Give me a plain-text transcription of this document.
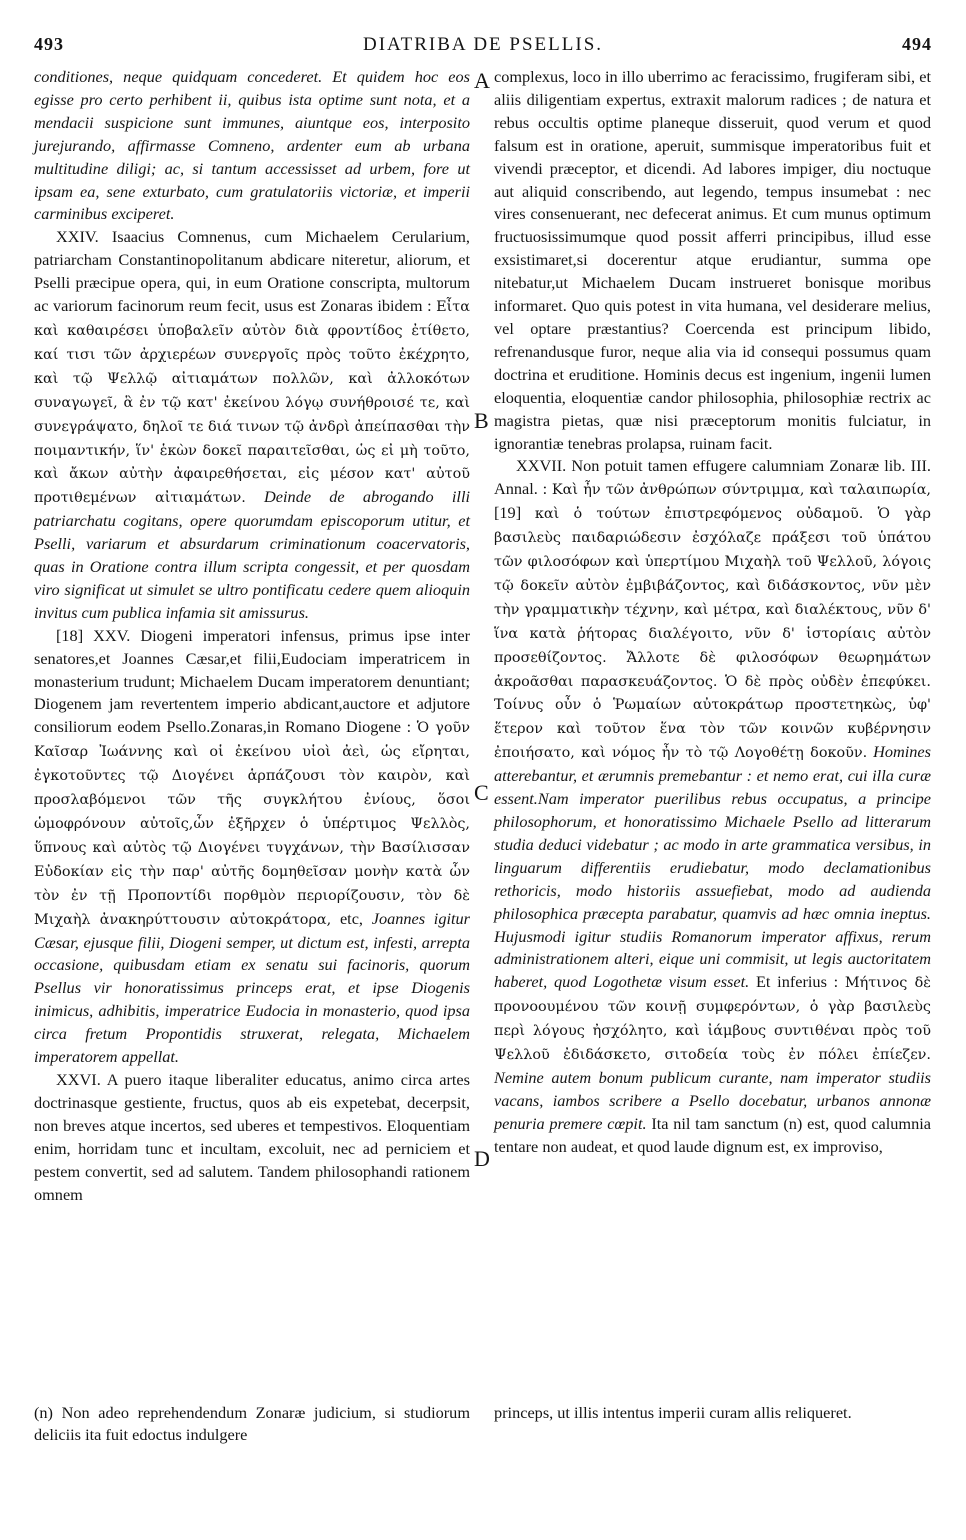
493	DIATRIBA DE PSELLIS.	494
A
B
C
D

conditiones, neque quidquam concederet. Et quidem hoc eos egisse pro certo perhibent ii, quibus ista optime sunt nota, et a mendacii suspicione sunt immunes, aiuntque eos, interposito jurejurando, affirmasse Comneno, ardenter eum ab urbana multitudine diligi; ac, si tantum accessisset ad urbem, fore ut ipsam ea, sene exturbato, cum gratulatoriis victoriæ, et imperii carminibus exciperet.

XXIV. Isaacius Comnenus, cum Michaelem Cerularium, patriarcham Constantinopolitanum abdicare niteretur, aliorum, et Pselli præcipue opera, qui, in eum Oratione conscripta, multorum ac variorum facinorum reum fecit, usus est Zonaras ibidem : Εἶτα καὶ καθαιρέσει ὑποβαλεῖν αὐτὸν διὰ φροντίδος ἐτίθετο, καί τισι τῶν ἀρχιερέων συνεργοῖς πρὸς τοῦτο ἐκέχρητο, καὶ τῷ Ψελλῷ αἰτιαμάτων πολλῶν, καὶ ἀλλοκότων συναγωγεῖ, ἃ ἐν τῷ κατ' ἐκείνου λόγῳ συνήθροισέ τε, καὶ συνεγράψατο, δηλοῖ τε διά τινων τῷ ἀνδρὶ ἀπείπασθαι τὴν ποιμαντικήν, ἵν' ἑκὼν δοκεῖ παραιτεῖσθαι, ὡς εἰ μὴ τοῦτο, καὶ ἄκων αὐτὴν ἀφαιρεθήσεται, εἰς μέσον κατ' αὐτοῦ προτιθεμένων αἰτιαμάτων. Deinde de abrogando illi patriarchatu cogitans, opere quorumdam episcoporum utitur, et Pselli, variarum et absurdarum criminationum coacervatoris, quas in Oratione contra illum scripta congessit, et per quosdam viro significat ut simulet se ultro pontificatu cedere quem alioquin invitus cum publica infamia sit amissurus.

[18] XXV. Diogeni imperatori infensus, primus ipse inter senatores,et Joannes Cæsar,et filii,Eudociam imperatricem in monasterium trudunt; Michaelem Ducam imperatorem denuntiant; Diogenem jam revertentem imperio abdicant,auctore et adjutore consiliorum eodem Psello.Zonaras,in Romano Diogene : Ὁ γοῦν Καῖσαρ Ἰωάννης καὶ οἱ ἐκείνου υἱοὶ ἀεὶ, ὡς εἴρηται, ἐγκοτοῦντες τῷ Διογένει ἁρπάζουσι τὸν καιρὸν, καὶ προσλαβόμενοι τῶν τῆς συγκλήτου ἐνίους, ὅσοι ὡμοφρόνουν αὐτοῖς,ὧν ἐξῆρχεν ὁ ὑπέρτιμος Ψελλὸς, ὕπνους καὶ αὐτὸς τῷ Διογένει τυγχάνων, τὴν Βασίλισσαν Εὐδοκίαν εἰς τὴν παρ' αὐτῆς δομηθεῖσαν μονὴν κατὰ ὧν τὸν ἐν τῇ Προποντίδι πορθμὸν περιορίζουσιν, τὸν δὲ Μιχαὴλ ἀνακηρύττουσιν αὐτοκράτορα, etc, Joannes igitur Cæsar, ejusque filii, Diogeni semper, ut dictum est, infesti, arrepta occasione, quibusdam etiam ex senatu sui facinoris, quorum Psellus vir honoratissimus princeps erat, et ipse Diogenis inimicus, adhibitis, imperatrice Eudocia in monasterio, quod ipsa circa fretum Propontidis struxerat, relegata, Michaelem imperatorem appellat.

XXVI. A puero itaque liberaliter educatus, animo circa artes doctrinasque gestiente, fructus, quos ab eis expetebat, decerpsit, non breves atque incertos, sed uberes et tempestivos. Eloquentiam enim, horridam tunc et incultam, excoluit, nec ad perniciem et pestem convertit, sed ad salutem. Tandem philosophandi rationem omnem

complexus, loco in illo uberrimo ac feracissimo, frugiferam sibi, et aliis diligentiam expertus, extraxit malorum radices ; de natura et rebus occultis optime planeque disseruit, quod verum et quod falsum est in oratione, aperuit, summisque imperatoribus fuit et vivendi præceptor, et dicendi. Ad labores impiger, diu noctuque aut aliquid conscribendo, aut legendo, tempus insumebat : nec vires consenuerant, nec defecerat animus. Et cum munus optimum fructuosissimumque quod possit afferri principibus, illud esse exsistimaret,si docerentur atque erudiantur, summa ope nitebatur,ut Michaelem Ducam instrueret bonisque moribus informaret. Quo quis potest in vita humana, vel desiderare melius, vel optare præstantius? Coercenda est principum libido, refrenandusque furor, neque alia via id consequi possumus quam doctrina et eruditione. Hominis decus est ingenium, ingenii lumen eloquentia, eloquentiæ candor philosophia, philosophiæ rectrix ac magistra pietas, quæ nisi præceptorum monitis fulciatur, in ignorantiæ tenebras prolapsa, ruinam facit.

XXVII. Non potuit tamen effugere calumniam Zonaræ lib. III. Annal. : Καὶ ἦν τῶν ἀνθρώπων σύντριμμα, καὶ ταλαιπωρία, [19] καὶ ὁ τούτων ἐπιστρεφόμενος οὐδαμοῦ. Ὁ γὰρ βασιλεὺς παιδαριώδεσιν ἐσχόλαζε πράξεσι τοῦ ὑπάτου τῶν φιλοσόφων καὶ ὑπερτίμου Μιχαὴλ τοῦ Ψελλοῦ, λόγοις τῷ δοκεῖν αὐτὸν ἐμβιβάζοντος, καὶ διδάσκοντος, νῦν μὲν τὴν γραμματικὴν τέχνην, καὶ μέτρα, καὶ διαλέκτους, νῦν δ' ἵνα κατὰ ῥήτορας διαλέγοιτο, νῦν δ' ἱστορίαις αὐτὸν προσεθίζοντος. Ἄλλοτε δὲ φιλοσόφων θεωρημάτων ἀκροᾶσθαι παρασκευάζοντος. Ὁ δὲ πρὸς οὐδὲν ἐπεφύκει. Τοίνυς οὖν ὁ Ῥωμαίων αὐτοκράτωρ προστετηκὼς, ὑφ' ἕτερον καὶ τοῦτον ἕνα τὸν τῶν κοινῶν κυβέρνησιν ἐποιήσατο, καὶ νόμος ἦν τὸ τῷ Λογοθέτῃ δοκοῦν. Homines atterebantur, et ærumnis premebantur : et nemo erat, cui illa curæ essent.Nam imperator puerilibus rebus occupatus, a principe philosophorum, et honoratissimo Michaele Psello ad litterarum studia deduci videbatur ; ac modo in arte grammatica versibus, in linguarum differentiis erudiebatur, modo declamationibus rethoricis, modo historiis assuefiebat, modo ad audienda philosophica præcepta parabatur, quamvis ad hæc omnia ineptus. Hujusmodi igitur studiis Romanorum imperator affixus, rerum administrationem alteri, eique uni commisit, ut legis auctoritatem haberet, quod Logothetæ visum esset. Et inferius : Μήτινος δὲ προνοουμένου τῶν κοινῇ συμφερόντων, ὁ γὰρ βασιλεὺς περὶ λόγους ἠσχόλητο, καὶ ἰάμβους συντιθέναι πρὸς τοῦ Ψελλοῦ ἐδιδάσκετο, σιτοδεία τοὺς ἐν πόλει ἐπίεζεν. Nemine autem bonum publicum curante, nam imperator studiis vacans, iambos scribere a Psello docebatur, urbanos annonæ penuria premere cœpit. Ita nil tam sanctum (n) est, quod calumnia tentare non audeat, et quod laude dignum est, ex improviso,

(n) Non adeo reprehendendum Zonaræ judicium, si studiorum deliciis ita fuit edoctus indulgere
princeps, ut illis intentus imperii curam allis reliqueret.
